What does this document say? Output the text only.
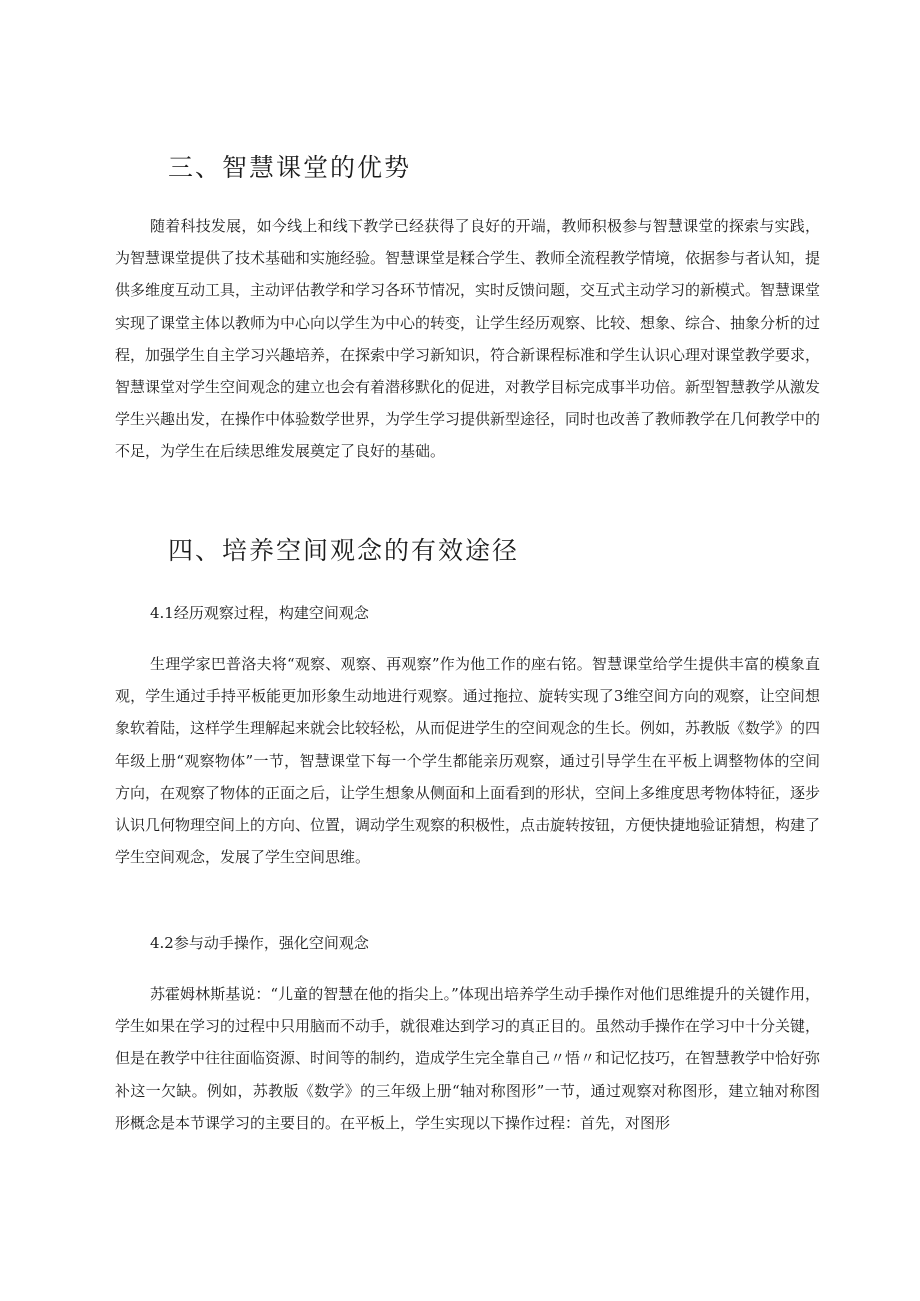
三、智慧课堂的优势

随着科技发展，如今线上和线下教学已经获得了良好的开端，教师积极参与智慧课堂的探索与实践，为智慧课堂提供了技术基础和实施经验。智慧课堂是糅合学生、教师全流程教学情境，依据参与者认知，提供多维度互动工具，主动评估教学和学习各环节情况，实时反馈问题，交互式主动学习的新模式。智慧课堂实现了课堂主体以教师为中心向以学生为中心的转变，让学生经历观察、比较、想象、综合、抽象分析的过程，加强学生自主学习兴趣培养，在探索中学习新知识，符合新课程标准和学生认识心理对课堂教学要求，智慧课堂对学生空间观念的建立也会有着潜移默化的促进，对教学目标完成事半功倍。新型智慧教学从激发学生兴趣出发，在操作中体验数学世界，为学生学习提供新型途径，同时也改善了教师教学在几何教学中的不足，为学生在后续思维发展奠定了良好的基础。

四、培养空间观念的有效途径
4.1经历观察过程，构建空间观念

生理学家巴普洛夫将“观察、观察、再观察”作为他工作的座右铭。智慧课堂给学生提供丰富的模象直观，学生通过手持平板能更加形象生动地进行观察。通过拖拉、旋转实现了3维空间方向的观察，让空间想象软着陆，这样学生理解起来就会比较轻松，从而促进学生的空间观念的生长。例如，苏教版《数学》的四年级上册“观察物体”一节，智慧课堂下每一个学生都能亲历观察，通过引导学生在平板上调整物体的空间方向，在观察了物体的正面之后，让学生想象从侧面和上面看到的形状，空间上多维度思考物体特征，逐步认识几何物理空间上的方向、位置，调动学生观察的积极性，点击旋转按钮，方便快捷地验证猜想，构建了学生空间观念，发展了学生空间思维。

4.2参与动手操作，强化空间观念

苏霍姆林斯基说：“儿童的智慧在他的指尖上。”体现出培养学生动手操作对他们思维提升的关键作用，学生如果在学习的过程中只用脑而不动手，就很难达到学习的真正目的。虽然动手操作在学习中十分关键，但是在教学中往往面临资源、时间等的制约，造成学生完全靠自己〃悟〃和记忆技巧，在智慧教学中恰好弥补这一欠缺。例如，苏教版《数学》的三年级上册“轴对称图形”一节，通过观察对称图形，建立轴对称图形概念是本节课学习的主要目的。在平板上，学生实现以下操作过程：首先，对图形
